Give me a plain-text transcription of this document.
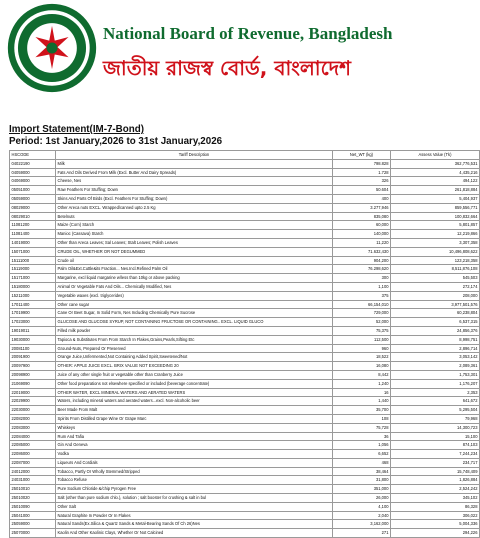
National Board of Revenue, Bangladesh
জাতীয় রাজস্ব বোর্ড, বাংলাদেশ
Import Statement(IM-7-Bond)
Period: 1st January,2026 to 31st January,2026
HSCODE	Tariff Description	Net_WT (kg)	Assess Value (Tk)
04022190	Milk	798.828	362,776,531
04059000	Fats And Oils Derived From Milk (Excl. Butter And Dairy Spreads)	1.728	4,435,216
04069000	Cheese, Nes	326	494,122
05051000	Raw Feathers For Stuffing; Down	50.604	261,818,884
05059000	Skins And Parts Of Birds (Excl. Feathers For Stuffing; Down)	400	5,404,937
08029000	Other Areca nuts EXCL. Wrapped/canned upto 2.5 Kg	3.277,946	859,556,771
08029010	Betelnuts	835,080	100,832,664
11081200	Maize (Corn) Starch	60,000	5,801,857
11081400	Manioc (Cassava) Starch	140,000	12,219,866
14019000	Other than Areca Leaves; Sal Leaves; Stalt Leaves; Polish Leaves	11,220	3,307,358
15071000	CRUDE OIL, WHETHER OR NOT DEGUMMED	71.632,430	10,496,808,622
15111000	Crude oil	904,200	123,218,358
15119000	Palm Oil&Ext.Cuttle&its Fraction... Nes.Incl.Refined Palm Oil	76.298,620	8,511,876,108
15171000	Margarine, excl liquid margarine w/less than 10kg or above packing	300	545,503
15180000	Animal Or Vegetable Fats And Oils... Chemically Modified, Nes	1,100	272,174
15211000	Vegetable waxes (excl. triglycerides)	375	208,000
17011400	Other cane sugar	66,154,010	3,977,501,576
17019900	Cane Or Beet Sugar, In Solid Form, Nes Including Chemically Pure Sucrose	729,000	60,238,804
17023000	GLUCOSE AND GLUCOSE SYRUP, NOT CONTAINING FRUCTOSE OR CONTAINING.. EXCL. LIQUID GLUCO	52,000	6,537,315
19019011	Filled milk powder	75,375	24,856,376
19030000	Tapioca & Substitutes From From Starch In Flakes,Grains,Pearls,Sifting Etc	112,500	8,998,751
20081100	Ground-Nuts, Prepared Or Preserved	960	2,896,714
20091900	Orange Juice,Unfermented,Not Containing Added Spirit,Sweetened/Not	18,522	3,053,142
20097900	OTHER: APPLE JUICE EXCL. BRIX VALUE NOT EXCEEDING 20	16,080	2,089,361
20098900	Juice of any other single fruit or vegetable other than Cranberry Juice	8,442	1,753,301
21069090	Other food preparations not elsewhere specified or included (beverage concentrate)	1,240	1,176,207
22019000	OTHER WATER, EXCL MINERAL WATERS AND AERATED WATERS	16	2,353
22029900	Waters, including mineral waters and aerated waters...excl. Non-alcoholic beer	1,440	641,672
22030000	Beer Made From Malt	35,700	5,295,504
22082000	Spirits From Distilled Grape Wine Or Grape Marc	108	79,968
22083000	Whiskeys	75,728	14,300,723
22084000	Rum And Tafia	36	15,100
22085000	Gin And Geneva	1,056	874,103
22086000	Vodka	6,652	7,244,234
22087000	Liqueurs And Cordials	468	234,717
24012000	Tobacco, Partly Or Wholly Stemmed/Stripped	38,464	15,748,409
24031000	Tobacco Refuse	31,800	1,826,884
25010010	Pure Sodium Chloride &/chip Pyrogen Free	351,000	2,524,242
25010020	Salt (other than pure sodium chlo.), solution ; salt booster for crushing & salt in bul	26,000	345,102
25010090	Other Salt	4,100	86,328
25041000	Natural Graphite In Powder Or In Flakes	2,040	306,022
25059000	Natural Sands(Ex.Silica & Quartz Sands & Metal-Bearing Sands Of Ch 26)Nes	3,162,000	5,004,336
25070000	Kaolin And Other Kaolinic Clays, Whether Or Not Calcined	271	294,226
